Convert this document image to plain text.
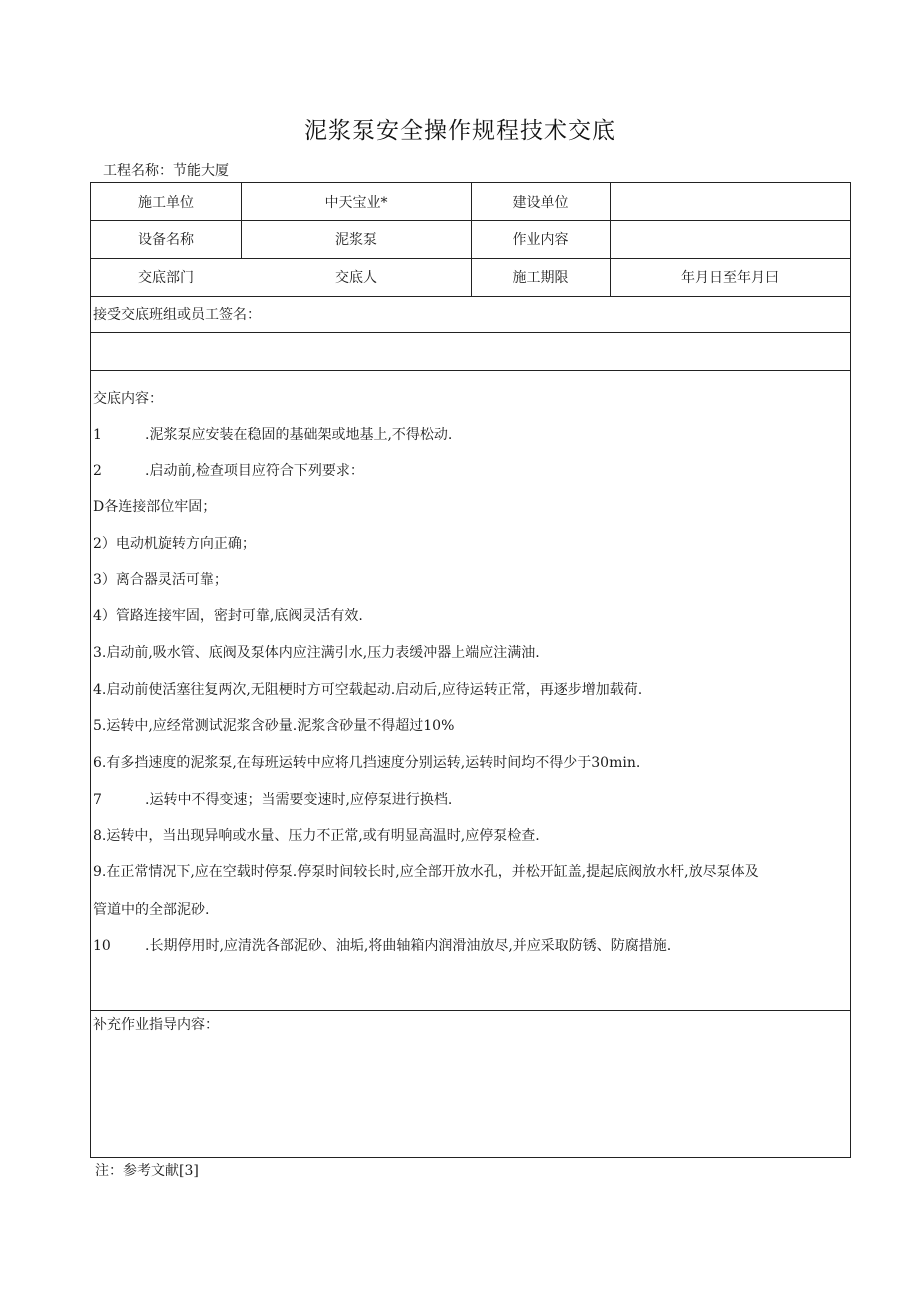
泥浆泵安全操作规程技术交底
工程名称：节能大厦
施工单位	中天宝业*	建设单位
设备名称	泥浆泵	作业内容
交底部门	交底人	施工期限	年月日至年月曰
接受交底班组或员工签名：
交底内容：
1	.泥浆泵应安装在稳固的基础架或地基上,不得松动.
2	.启动前,检查项目应符合下列要求：
D各连接部位牢固；
2）电动机旋转方向正确；
3）离合器灵活可靠；
4）管路连接牢固，密封可靠,底阀灵活有效.
3.启动前,吸水管、底阀及泵体内应注满引水,压力表缓冲器上端应注满油.
4.启动前使活塞往复两次,无阻梗时方可空载起动.启动后,应待运转正常，再逐步增加载荷.
5.运转中,应经常测试泥浆含砂量.泥浆含砂量不得超过10%
6.有多挡速度的泥浆泵,在每班运转中应将几挡速度分别运转,运转时间均不得少于30min.
7	.运转中不得变速；当需要变速时,应停泵进行换档.
8.运转中，当出现异响或水量、压力不正常,或有明显高温时,应停泵检查.
9.在正常情况下,应在空载时停泵.停泵时间较长时,应全部开放水孔，并松开缸盖,提起底阀放水杆,放尽泵体及
管道中的全部泥砂.
10 .长期停用时,应清洗各部泥砂、油垢,将曲轴箱内润滑油放尽,并应采取防锈、防腐措施.
补充作业指导内容：
注：参考文献[3]
